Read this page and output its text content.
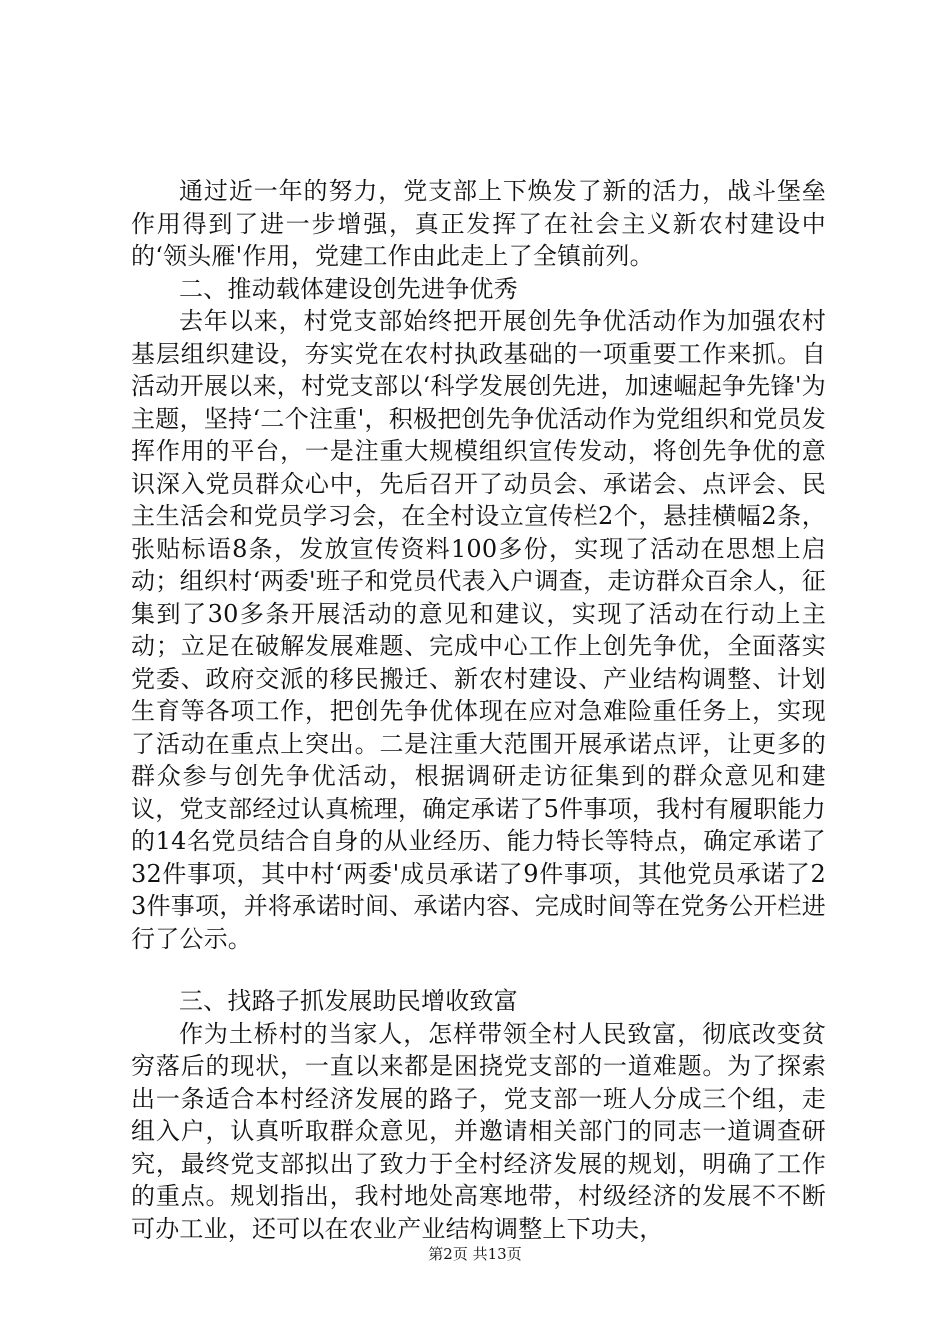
通过近一年的努力，党支部上下焕发了新的活力，战斗堡垒作用得到了进一步增强，真正发挥了在社会主义新农村建设中的‘领头雁'作用，党建工作由此走上了全镇前列。

二、推动载体建设创先进争优秀

去年以来，村党支部始终把开展创先争优活动作为加强农村基层组织建设，夯实党在农村执政基础的一项重要工作来抓。自活动开展以来，村党支部以‘科学发展创先进，加速崛起争先锋'为主题，坚持‘二个注重'，积极把创先争优活动作为党组织和党员发挥作用的平台，一是注重大规模组织宣传发动，将创先争优的意识深入党员群众心中，先后召开了动员会、承诺会、点评会、民主生活会和党员学习会，在全村设立宣传栏2个，悬挂横幅2条，张贴标语8条，发放宣传资料100多份，实现了活动在思想上启动；组织村‘两委'班子和党员代表入户调查，走访群众百余人，征集到了30多条开展活动的意见和建议，实现了活动在行动上主动；立足在破解发展难题、完成中心工作上创先争优，全面落实党委、政府交派的移民搬迁、新农村建设、产业结构调整、计划生育等各项工作，把创先争优体现在应对急难险重任务上，实现了活动在重点上突出。二是注重大范围开展承诺点评，让更多的群众参与创先争优活动，根据调研走访征集到的群众意见和建议，党支部经过认真梳理，确定承诺了5件事项，我村有履职能力的14名党员结合自身的从业经历、能力特长等特点，确定承诺了32件事项，其中村‘两委'成员承诺了9件事项，其他党员承诺了23件事项，并将承诺时间、承诺内容、完成时间等在党务公开栏进行了公示。

三、找路子抓发展助民增收致富

作为土桥村的当家人，怎样带领全村人民致富，彻底改变贫穷落后的现状，一直以来都是困挠党支部的一道难题。为了探索出一条适合本村经济发展的路子，党支部一班人分成三个组，走组入户，认真听取群众意见，并邀请相关部门的同志一道调查研究，最终党支部拟出了致力于全村经济发展的规划，明确了工作的重点。规划指出，我村地处高寒地带，村级经济的发展不不断可办工业，还可以在农业产业结构调整上下功夫，

第2页 共13页
